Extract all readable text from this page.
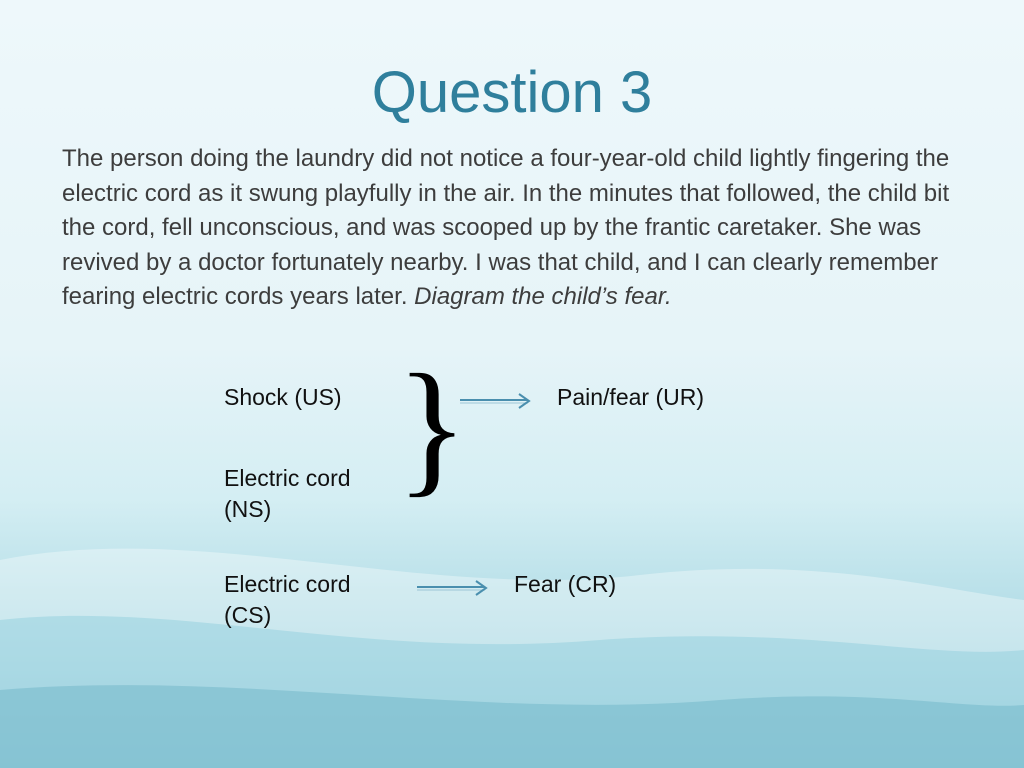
Question 3
The person doing the laundry did not notice a four-year-old child lightly fingering the electric cord as it swung playfully in the air. In the minutes that followed, the child bit the cord, fell unconscious, and was scooped up by the frantic caretaker. She was revived by a doctor fortunately nearby. I was that child, and I can clearly remember fearing electric cords years later. Diagram the child’s fear.
Shock (US)
Electric cord
(NS) }	Pain/fear (UR)
Electric cord
(CS)
Fear (CR)
